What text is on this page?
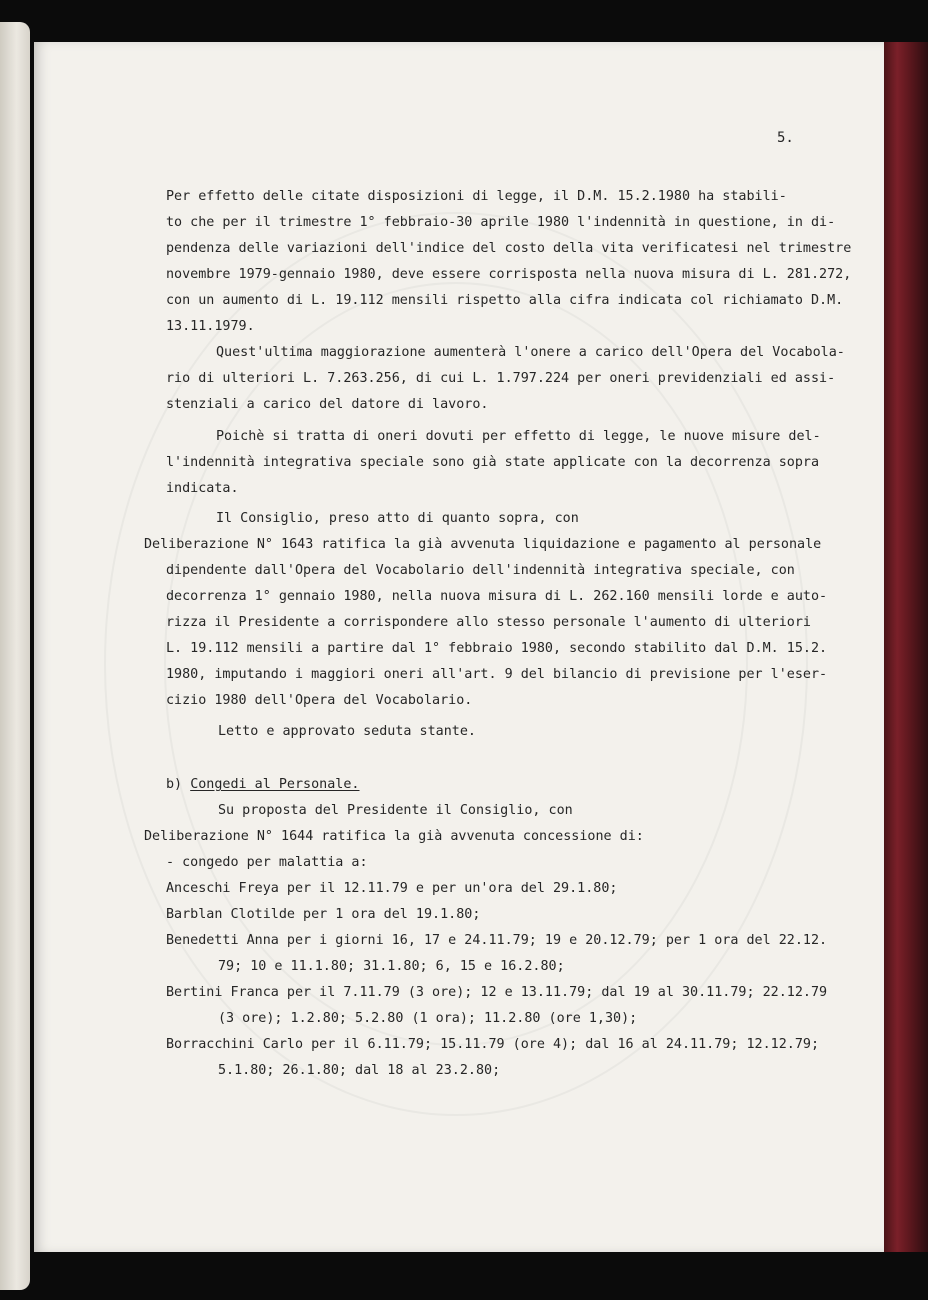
5.

Per effetto delle citate disposizioni di legge, il D.M. 15.2.1980 ha stabili-

to che per il trimestre 1° febbraio-30 aprile 1980 l'indennità in questione, in di-

pendenza delle variazioni dell'indice del costo della vita verificatesi nel trimestre

novembre 1979-gennaio 1980, deve essere corrisposta nella nuova misura di L. 281.272,

con un aumento di L. 19.112 mensili rispetto alla cifra indicata col richiamato D.M.

13.11.1979.

Quest'ultima maggiorazione aumenterà l'onere a carico dell'Opera del Vocabola-

rio di ulteriori L. 7.263.256, di cui L. 1.797.224 per oneri previdenziali ed assi-

stenziali a carico del datore di lavoro.

Poichè si tratta di oneri dovuti per effetto di legge, le nuove misure del-

l'indennità integrativa speciale sono già state applicate con la decorrenza sopra

indicata.

Il Consiglio, preso atto di quanto sopra, con

Deliberazione N° 1643 ratifica la già avvenuta liquidazione e pagamento al personale

dipendente dall'Opera del Vocabolario dell'indennità integrativa speciale, con

decorrenza 1° gennaio 1980, nella nuova misura di L. 262.160 mensili lorde e auto-

rizza il Presidente a corrispondere allo stesso personale l'aumento di ulteriori

L. 19.112 mensili a partire dal 1° febbraio 1980, secondo stabilito dal D.M. 15.2.

1980, imputando i maggiori oneri all'art. 9 del bilancio di previsione per l'eser-

cizio 1980 dell'Opera del Vocabolario.

Letto e approvato seduta stante.

b) Congedi al Personale.

Su proposta del Presidente il Consiglio, con

Deliberazione N° 1644 ratifica la già avvenuta concessione di:

- congedo per malattia a:

Anceschi Freya per il 12.11.79 e per un'ora del 29.1.80;

Barblan Clotilde per 1 ora del 19.1.80;

Benedetti Anna per i giorni 16, 17 e 24.11.79; 19 e 20.12.79; per 1 ora del 22.12.

79; 10 e 11.1.80; 31.1.80; 6, 15 e 16.2.80;

Bertini Franca per il 7.11.79 (3 ore); 12 e 13.11.79; dal 19 al 30.11.79; 22.12.79

(3 ore); 1.2.80; 5.2.80 (1 ora); 11.2.80 (ore 1,30);

Borracchini Carlo per il 6.11.79; 15.11.79 (ore 4); dal 16 al 24.11.79; 12.12.79;

5.1.80; 26.1.80; dal 18 al 23.2.80;
